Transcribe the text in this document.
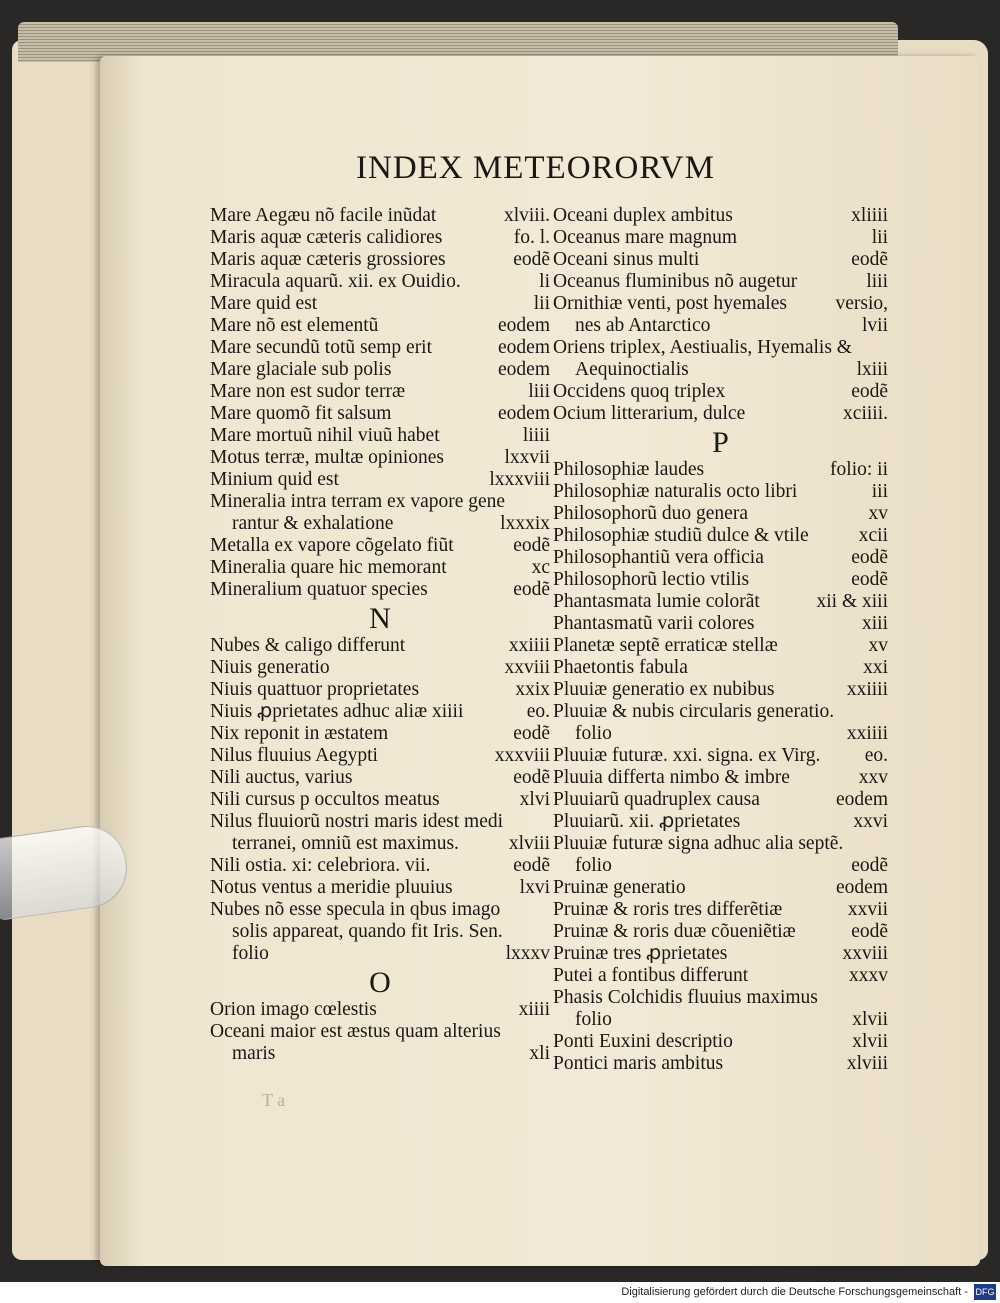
INDEX METEORORVM
Mare Aegæu nõ facile inũdat	xlviii.
Maris aquæ cæteris calidiores	fo. l.
Maris aquæ cæteris grossiores	eodẽ
Miracula aquarũ. xii. ex Ouidio.	li
Mare quid est	lii
Mare nõ est elementũ	eodem
Mare secundũ totũ semp erit	eodem
Mare glaciale sub polis	eodem
Mare non est sudor terræ	liii
Mare quomõ fit salsum	eodem
Mare mortuũ nihil viuũ habet	liiii
Motus terræ, multæ opiniones	lxxvii
Minium quid est	lxxxviii
Mineralia intra terram ex vapore gene
rantur & exhalatione	lxxxix
Metalla ex vapore cõgelato fiũt	eodẽ
Mineralia quare hic memorant	xc
Mineralium quatuor species	eodẽ
N
Nubes & caligo differunt	xxiiii
Niuis generatio	xxviii
Niuis quattuor proprietates	xxix
Niuis ꝓprietates adhuc aliæ xiiii	eo.
Nix reponit in æstatem	eodẽ
Nilus fluuius Aegypti	xxxviii
Nili auctus, varius	eodẽ
Nili cursus p occultos meatus	xlvi
Nilus fluuiorũ nostri maris idest medi
terranei, omniũ est maximus.	xlviii
Nili ostia. xi: celebriora. vii.	eodẽ
Notus ventus a meridie pluuius	lxvi
Nubes nõ esse specula in qbus imago
solis appareat, quando fit Iris. Sen.
folio	lxxxv
O
Orion imago cœlestis	xiiii
Oceani maior est æstus quam alterius
maris	xli
Oceani duplex ambitus	xliiii
Oceanus mare magnum	lii
Oceani sinus multi	eodẽ
Oceanus fluminibus nõ augetur	liii
Ornithiæ venti, post hyemales	versio,
nes ab Antarctico	lvii
Oriens triplex, Aestiualis, Hyemalis &
Aequinoctialis	lxiii
Occidens quoq triplex	eodẽ
Ocium litterarium, dulce	xciiii.
P
Philosophiæ laudes	folio: ii
Philosophiæ naturalis octo libri	iii
Philosophorũ duo genera	xv
Philosophiæ studiũ dulce & vtile	xcii
Philosophantiũ vera officia	eodẽ
Philosophorũ lectio vtilis	eodẽ
Phantasmata lumie colorãt	xii & xiii
Phantasmatũ varii colores	xiii
Planetæ septẽ erraticæ stellæ	xv
Phaetontis fabula	xxi
Pluuiæ generatio ex nubibus	xxiiii
Pluuiæ & nubis circularis generatio.
folio	xxiiii
Pluuiæ futuræ. xxi. signa. ex Virg.	eo.
Pluuia differta nimbo & imbre	xxv
Pluuiarũ quadruplex causa	eodem
Pluuiarũ. xii. ꝓprietates	xxvi
Pluuiæ futuræ signa adhuc alia septẽ.
folio	eodẽ
Pruinæ generatio	eodem
Pruinæ & roris tres differẽtiæ	xxvii
Pruinæ & roris duæ cõueniẽtiæ	eodẽ
Pruinæ tres ꝓprietates	xxviii
Putei a fontibus differunt	xxxv
Phasis Colchidis fluuius maximus
folio	xlvii
Ponti Euxini descriptio	xlvii
Pontici maris ambitus	xlviii
T a
Digitalisierung gefördert durch die Deutsche Forschungsgemeinschaft - DFG
